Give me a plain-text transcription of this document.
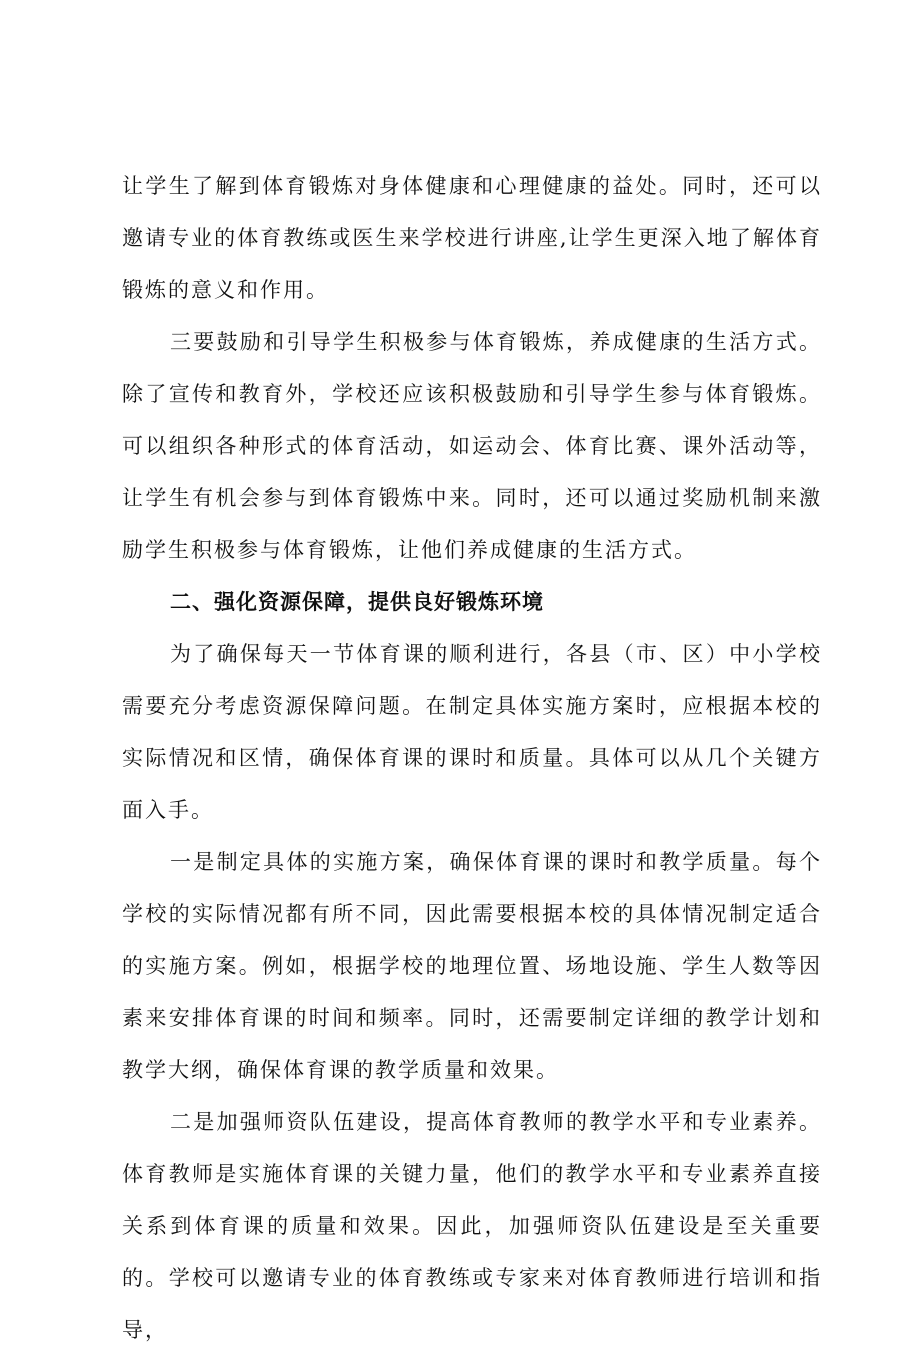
让学生了解到体育锻炼对身体健康和心理健康的益处。同时，还可以邀请专业的体育教练或医生来学校进行讲座,让学生更深入地了解体育锻炼的意义和作用。

三要鼓励和引导学生积极参与体育锻炼，养成健康的生活方式。除了宣传和教育外，学校还应该积极鼓励和引导学生参与体育锻炼。可以组织各种形式的体育活动，如运动会、体育比赛、课外活动等，让学生有机会参与到体育锻炼中来。同时，还可以通过奖励机制来激励学生积极参与体育锻炼，让他们养成健康的生活方式。

二、强化资源保障，提供良好锻炼环境

为了确保每天一节体育课的顺利进行，各县（市、区）中小学校需要充分考虑资源保障问题。在制定具体实施方案时，应根据本校的实际情况和区情，确保体育课的课时和质量。具体可以从几个关键方面入手。

一是制定具体的实施方案，确保体育课的课时和教学质量。每个学校的实际情况都有所不同，因此需要根据本校的具体情况制定适合的实施方案。例如，根据学校的地理位置、场地设施、学生人数等因素来安排体育课的时间和频率。同时，还需要制定详细的教学计划和教学大纲，确保体育课的教学质量和效果。

二是加强师资队伍建设，提高体育教师的教学水平和专业素养。体育教师是实施体育课的关键力量，他们的教学水平和专业素养直接关系到体育课的质量和效果。因此，加强师资队伍建设是至关重要的。学校可以邀请专业的体育教练或专家来对体育教师进行培训和指导，
